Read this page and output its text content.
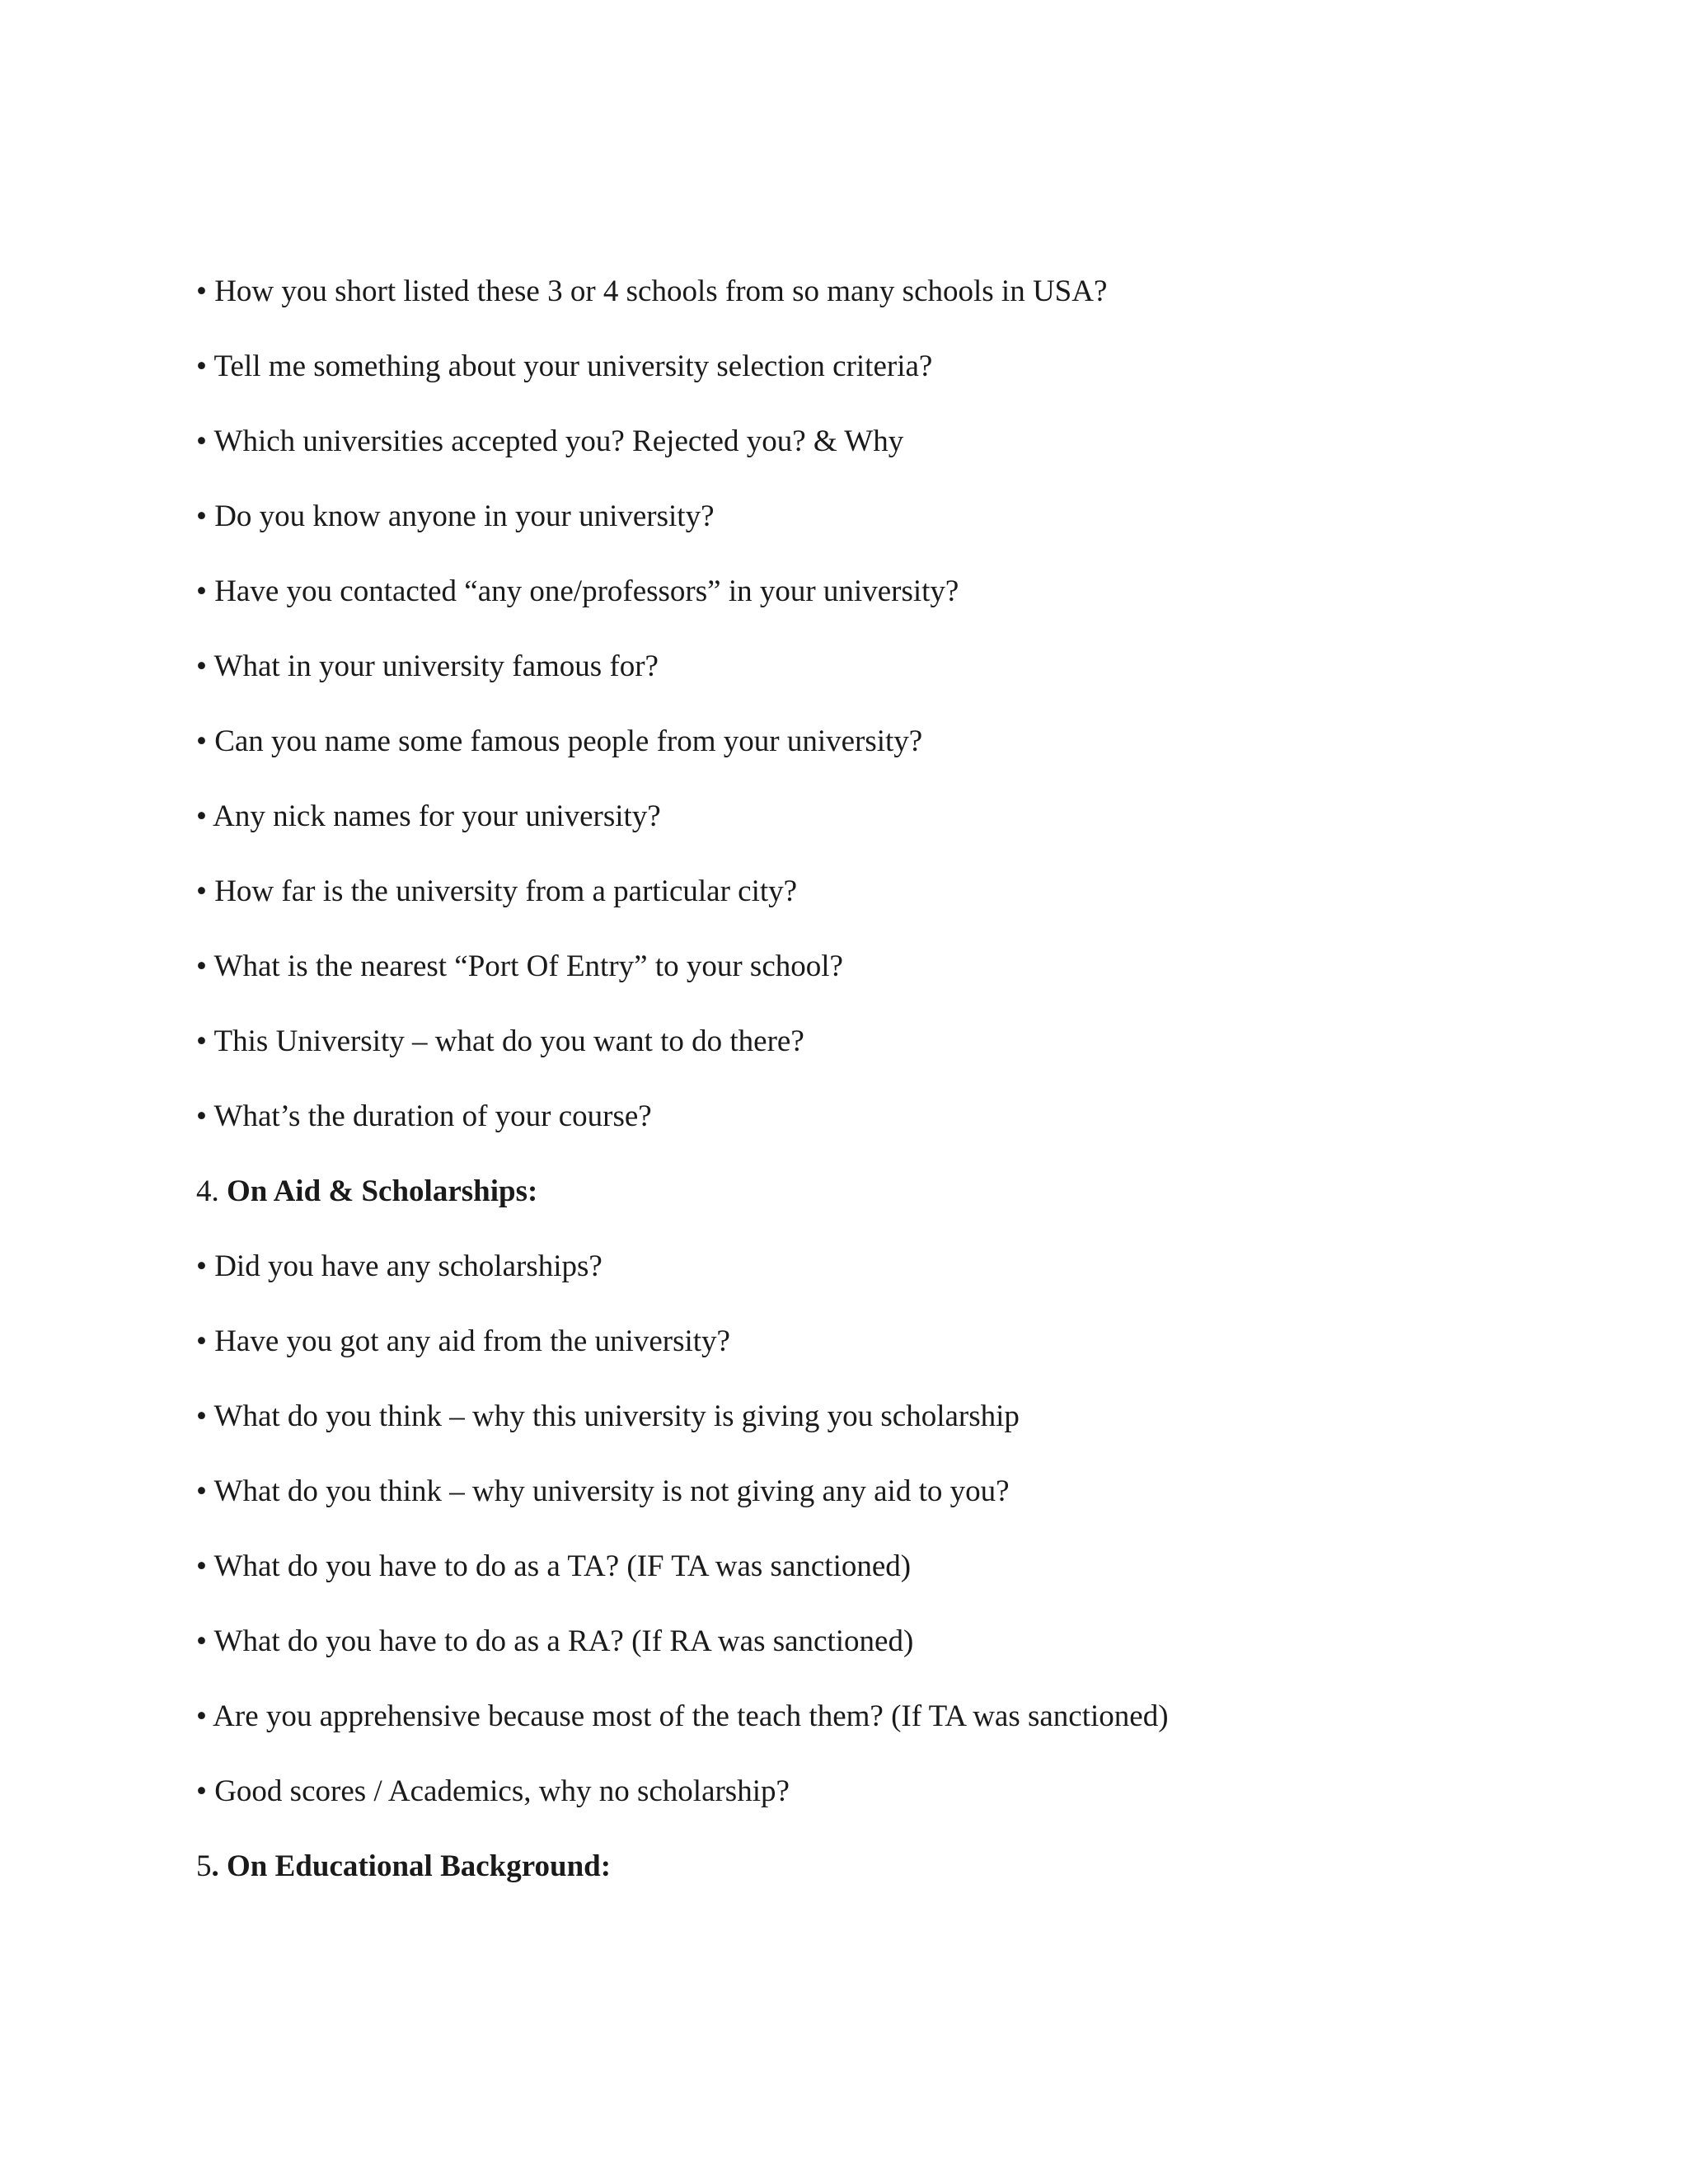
• How you short listed these 3 or 4 schools from so many schools in USA?
• Tell me something about your university selection criteria?
• Which universities accepted you? Rejected you? & Why
• Do you know anyone in your university?
• Have you contacted “any one/professors” in your university?
• What in your university famous for?
• Can you name some famous people from your university?
• Any nick names for your university?
• How far is the university from a particular city?
• What is the nearest “Port Of Entry” to your school?
• This University – what do you want to do there?
• What’s the duration of your course?
4. On Aid & Scholarships:
• Did you have any scholarships?
• Have you got any aid from the university?
• What do you think – why this university is giving you scholarship
• What do you think – why university is not giving any aid to you?
• What do you have to do as a TA? (IF TA was sanctioned)
• What do you have to do as a RA? (If RA was sanctioned)
• Are you apprehensive because most of the teach them? (If TA was sanctioned)
• Good scores / Academics, why no scholarship?
5. On Educational Background:
